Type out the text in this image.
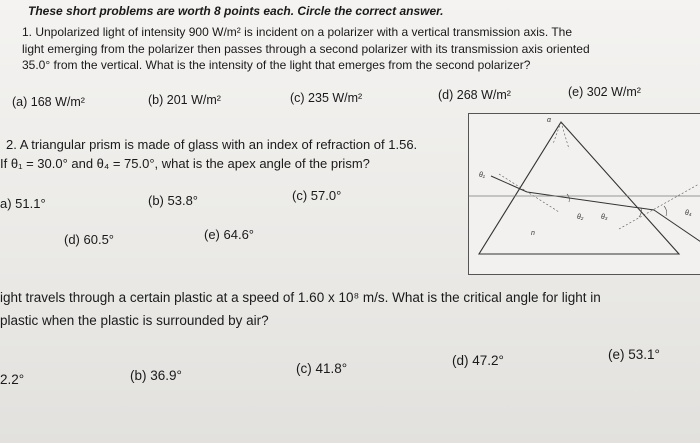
These short problems are worth 8 points each. Circle the correct answer.
1. Unpolarized light of intensity 900 W/m² is incident on a polarizer with a vertical transmission axis. The
light emerging from the polarizer then passes through a second polarizer with its transmission axis oriented
35.0° from the vertical. What is the intensity of the light that emerges from the second polarizer?
(a) 168 W/m²	(b) 201 W/m²	(c) 235 W/m²	(d) 268 W/m²	(e) 302 W/m²
2. A triangular prism is made of glass with an index of refraction of 1.56.
If θ₁ = 30.0° and θ₄ = 75.0°, what is the apex angle of the prism?
a) 51.1°	(b) 53.8°	(c) 57.0°
(d) 60.5°	(e) 64.6°
α
θ₁
θ₂	θ₃
θ₄
n
ight travels through a certain plastic at a speed of 1.60 x 10⁸ m/s. What is the critical angle for light in
plastic when the plastic is surrounded by air?
2.2°	(b) 36.9°	(c) 41.8°
(d) 47.2°	(e) 53.1°
